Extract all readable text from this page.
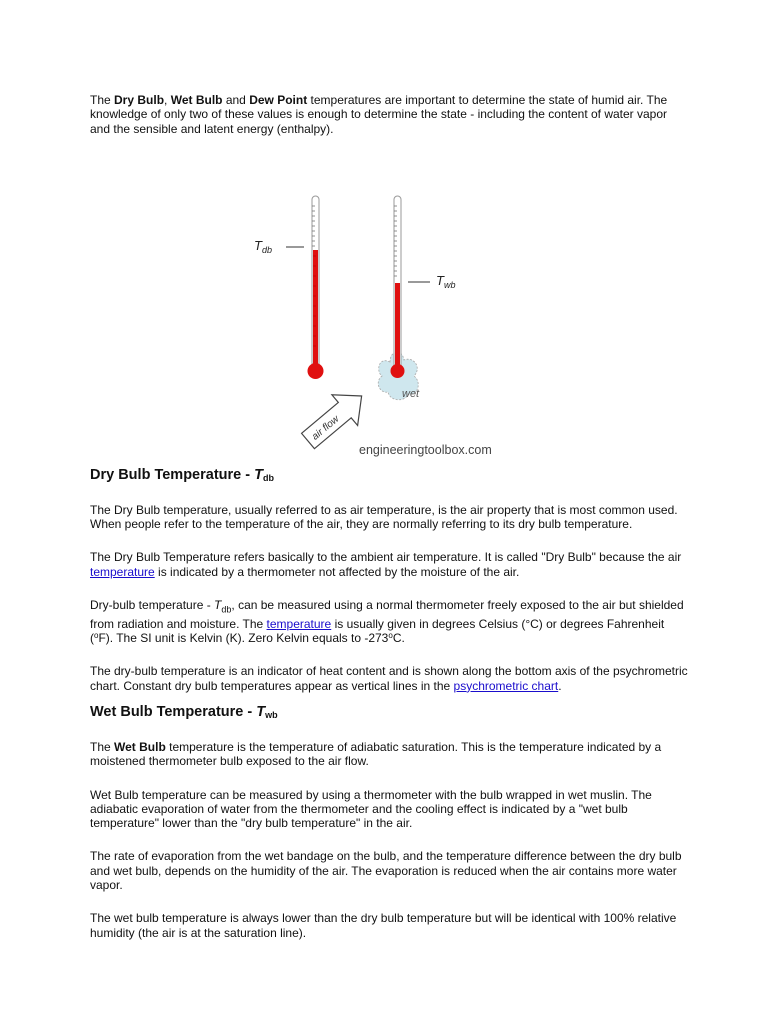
The Dry Bulb, Wet Bulb and Dew Point temperatures are important to determine the state of humid air. The knowledge of only two of these values is enough to determine the state - including the content of water vapor and the sensible and latent energy (enthalpy).

$T_{db}$
$T_{wb}$
wet
air flow
engineeringtoolbox.com
Dry Bulb Temperature - $T_{db}$

The Dry Bulb temperature, usually referred to as air temperature, is the air property that is most common used. When people refer to the temperature of the air, they are normally referring to its dry bulb temperature.

The Dry Bulb Temperature refers basically to the ambient air temperature. It is called "Dry Bulb" because the air temperature is indicated by a thermometer not affected by the moisture of the air.

Dry-bulb temperature - $T_{db}$, can be measured using a normal thermometer freely exposed to the air but shielded from radiation and moisture. The temperature is usually given in degrees Celsius (°C) or degrees Fahrenheit ($^o$F). The SI unit is Kelvin (K). Zero Kelvin equals to -273$^o$C.

The dry-bulb temperature is an indicator of heat content and is shown along the bottom axis of the psychrometric chart. Constant dry bulb temperatures appear as vertical lines in the psychrometric chart.

Wet Bulb Temperature - $T_{wb}$

The Wet Bulb temperature is the temperature of adiabatic saturation. This is the temperature indicated by a moistened thermometer bulb exposed to the air flow.

Wet Bulb temperature can be measured by using a thermometer with the bulb wrapped in wet muslin. The adiabatic evaporation of water from the thermometer and the cooling effect is indicated by a "wet bulb temperature" lower than the "dry bulb temperature" in the air.

The rate of evaporation from the wet bandage on the bulb, and the temperature difference between the dry bulb and wet bulb, depends on the humidity of the air. The evaporation is reduced when the air contains more water vapor.

The wet bulb temperature is always lower than the dry bulb temperature but will be identical with 100% relative humidity (the air is at the saturation line).
